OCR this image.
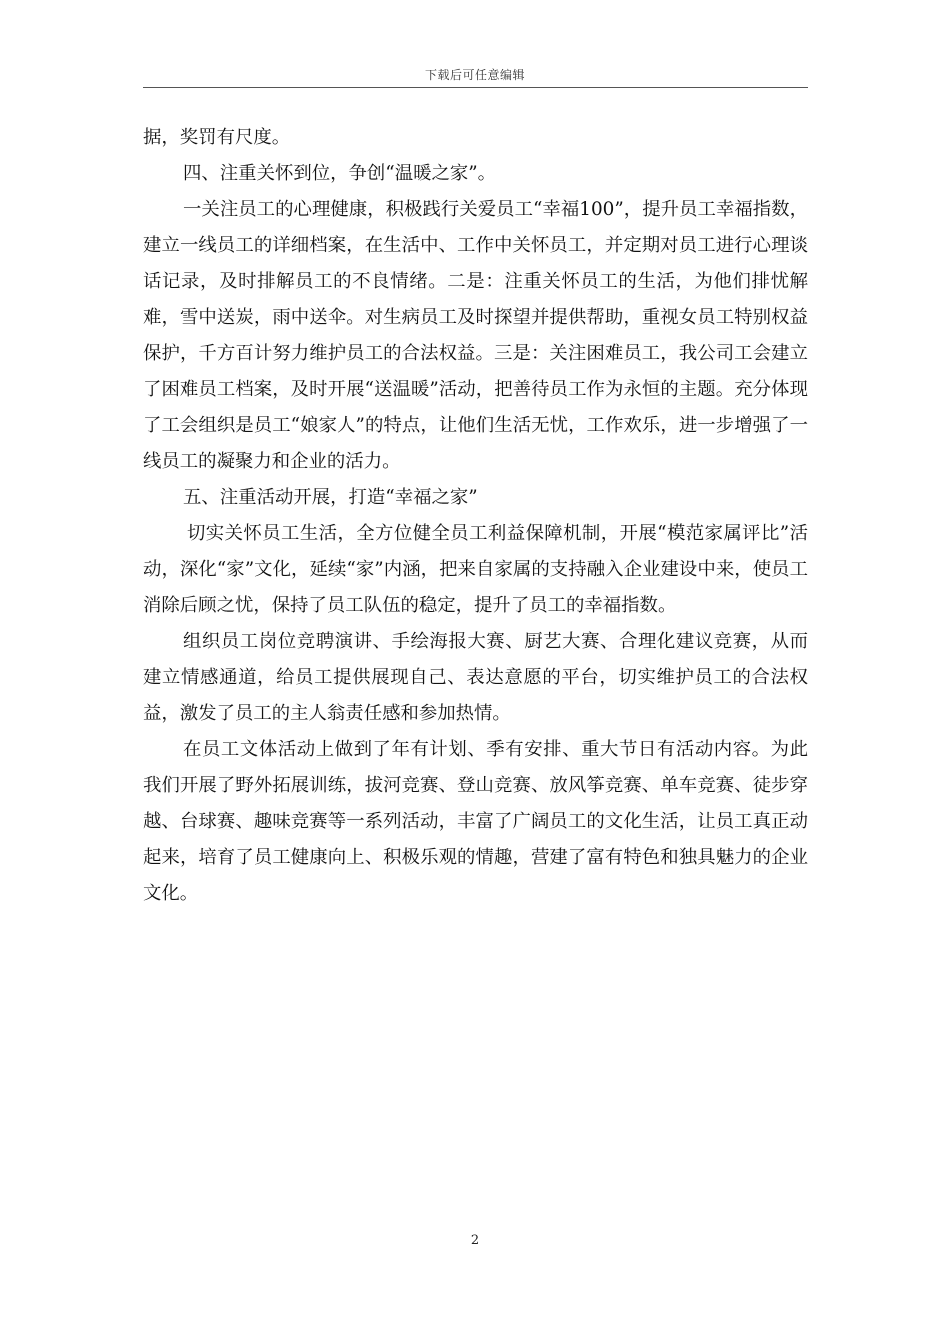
下载后可任意编辑

据，奖罚有尺度。

四、注重关怀到位，争创“温暖之家”。

一关注员工的心理健康，积极践行关爱员工“幸福100”，提升员工幸福指数，建立一线员工的详细档案，在生活中、工作中关怀员工，并定期对员工进行心理谈话记录，及时排解员工的不良情绪。二是：注重关怀员工的生活，为他们排忧解难，雪中送炭，雨中送伞。对生病员工及时探望并提供帮助，重视女员工特别权益保护，千方百计努力维护员工的合法权益。三是：关注困难员工，我公司工会建立了困难员工档案，及时开展“送温暖”活动，把善待员工作为永恒的主题。充分体现了工会组织是员工“娘家人”的特点，让他们生活无忧，工作欢乐，进一步增强了一线员工的凝聚力和企业的活力。

五、注重活动开展，打造“幸福之家”

切实关怀员工生活，全方位健全员工利益保障机制，开展“模范家属评比”活动，深化“家”文化，延续“家”内涵，把来自家属的支持融入企业建设中来，使员工消除后顾之忧，保持了员工队伍的稳定，提升了员工的幸福指数。

组织员工岗位竞聘演讲、手绘海报大赛、厨艺大赛、合理化建议竞赛，从而建立情感通道，给员工提供展现自己、表达意愿的平台，切实维护员工的合法权益，激发了员工的主人翁责任感和参加热情。

在员工文体活动上做到了年有计划、季有安排、重大节日有活动内容。为此我们开展了野外拓展训练，拔河竞赛、登山竞赛、放风筝竞赛、单车竞赛、徒步穿越、台球赛、趣味竞赛等一系列活动，丰富了广阔员工的文化生活，让员工真正动起来，培育了员工健康向上、积极乐观的情趣，营建了富有特色和独具魅力的企业文化。

2
